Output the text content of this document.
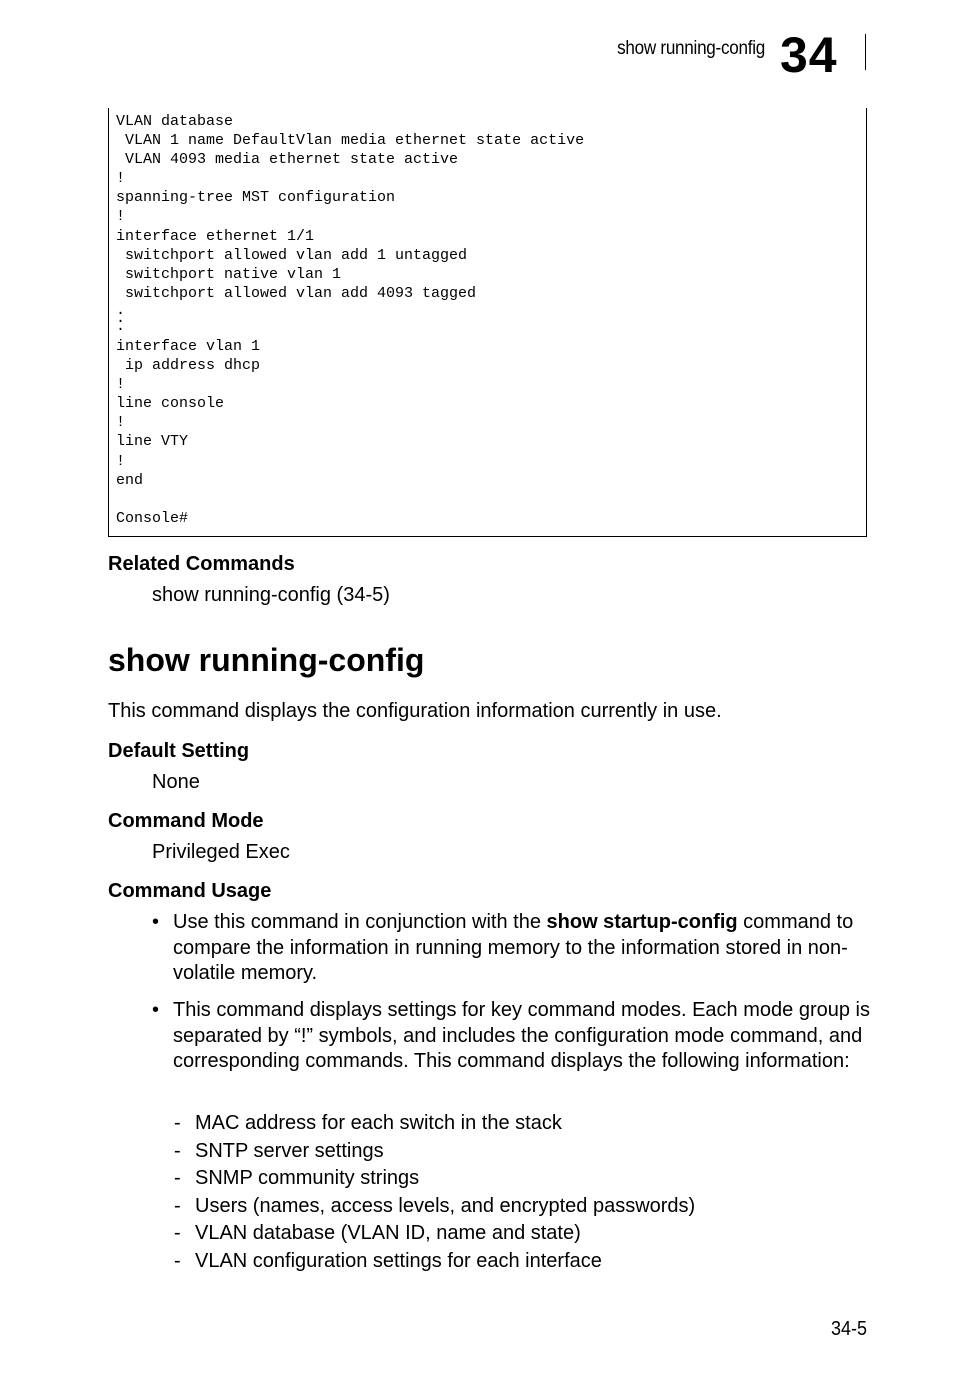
show running-config 34
VLAN database
VLAN 1 name DefaultVlan media ethernet state active
VLAN 4093 media ethernet state active
!
spanning-tree MST configuration
!
interface ethernet 1/1
switchport allowed vlan add 1 untagged
switchport native vlan 1
switchport allowed vlan add 4093 tagged
.
.
.
interface vlan 1
ip address dhcp
!
line console
!
line VTY
!
end
Console#
Related Commands
show running-config (34-5)
show running-config

This command displays the configuration information currently in use.

Default Setting
None
Command Mode
Privileged Exec
Command Usage
• Use this command in conjunction with the show startup-config command to compare the information in running memory to the information stored in non-volatile memory.
• This command displays settings for key command modes. Each mode group is separated by “!” symbols, and includes the configuration mode command, and corresponding commands. This command displays the following information:
- MAC address for each switch in the stack
- SNTP server settings
- SNMP community strings
- Users (names, access levels, and encrypted passwords)
- VLAN database (VLAN ID, name and state)
- VLAN configuration settings for each interface
34-5
